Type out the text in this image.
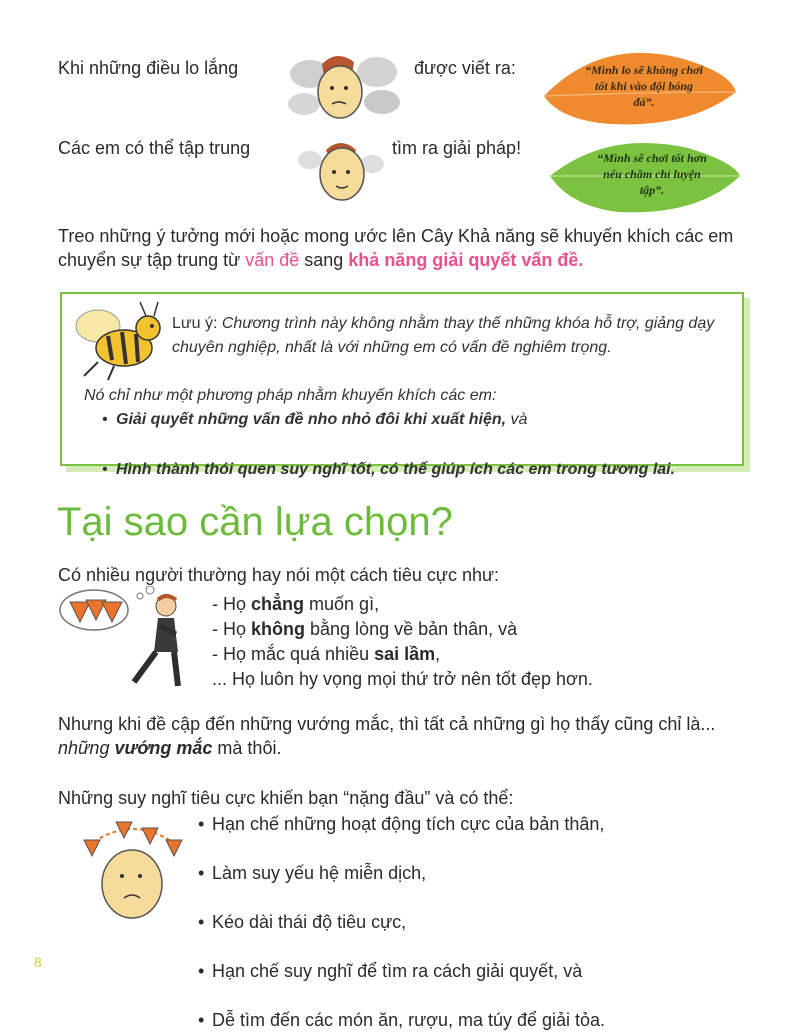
Khi những điều lo lắng	được viết ra:	“Mình lo sẽ không chơi tốt khi vào đội bóng đá”.
Các em có thể tập trung	tìm ra giải pháp!	“Mình sẽ chơi tốt hơn nếu chăm chỉ luyện tập”.

Treo những ý tưởng mới hoặc mong ước lên Cây Khả năng sẽ khuyến khích các em chuyển sự tập trung từ vấn đề sang khả năng giải quyết vấn đề.

Lưu ý: Chương trình này không nhằm thay thế những khóa hỗ trợ, giảng dạy chuyên nghiệp, nhất là với những em có vấn đề nghiêm trọng.
Nó chỉ như một phương pháp nhằm khuyến khích các em:
• Giải quyết những vấn đề nho nhỏ đôi khi xuất hiện, và
• Hình thành thói quen suy nghĩ tốt, có thể giúp ích các em trong tương lai.
Tại sao cần lựa chọn?
Có nhiều người thường hay nói một cách tiêu cực như:
- Họ chẳng muốn gì,
- Họ không bằng lòng về bản thân, và
- Họ mắc quá nhiều sai lầm,
... Họ luôn hy vọng mọi thứ trở nên tốt đẹp hơn.

Nhưng khi đề cập đến những vướng mắc, thì tất cả những gì họ thấy cũng chỉ là... những vướng mắc mà thôi.

Những suy nghĩ tiêu cực khiến bạn “nặng đầu” và có thể:
• Hạn chế những hoạt động tích cực của bản thân,
• Làm suy yếu hệ miễn dịch,
• Kéo dài thái độ tiêu cực,
• Hạn chế suy nghĩ để tìm ra cách giải quyết, và
• Dễ tìm đến các món ăn, rượu, ma túy để giải tỏa.
8
